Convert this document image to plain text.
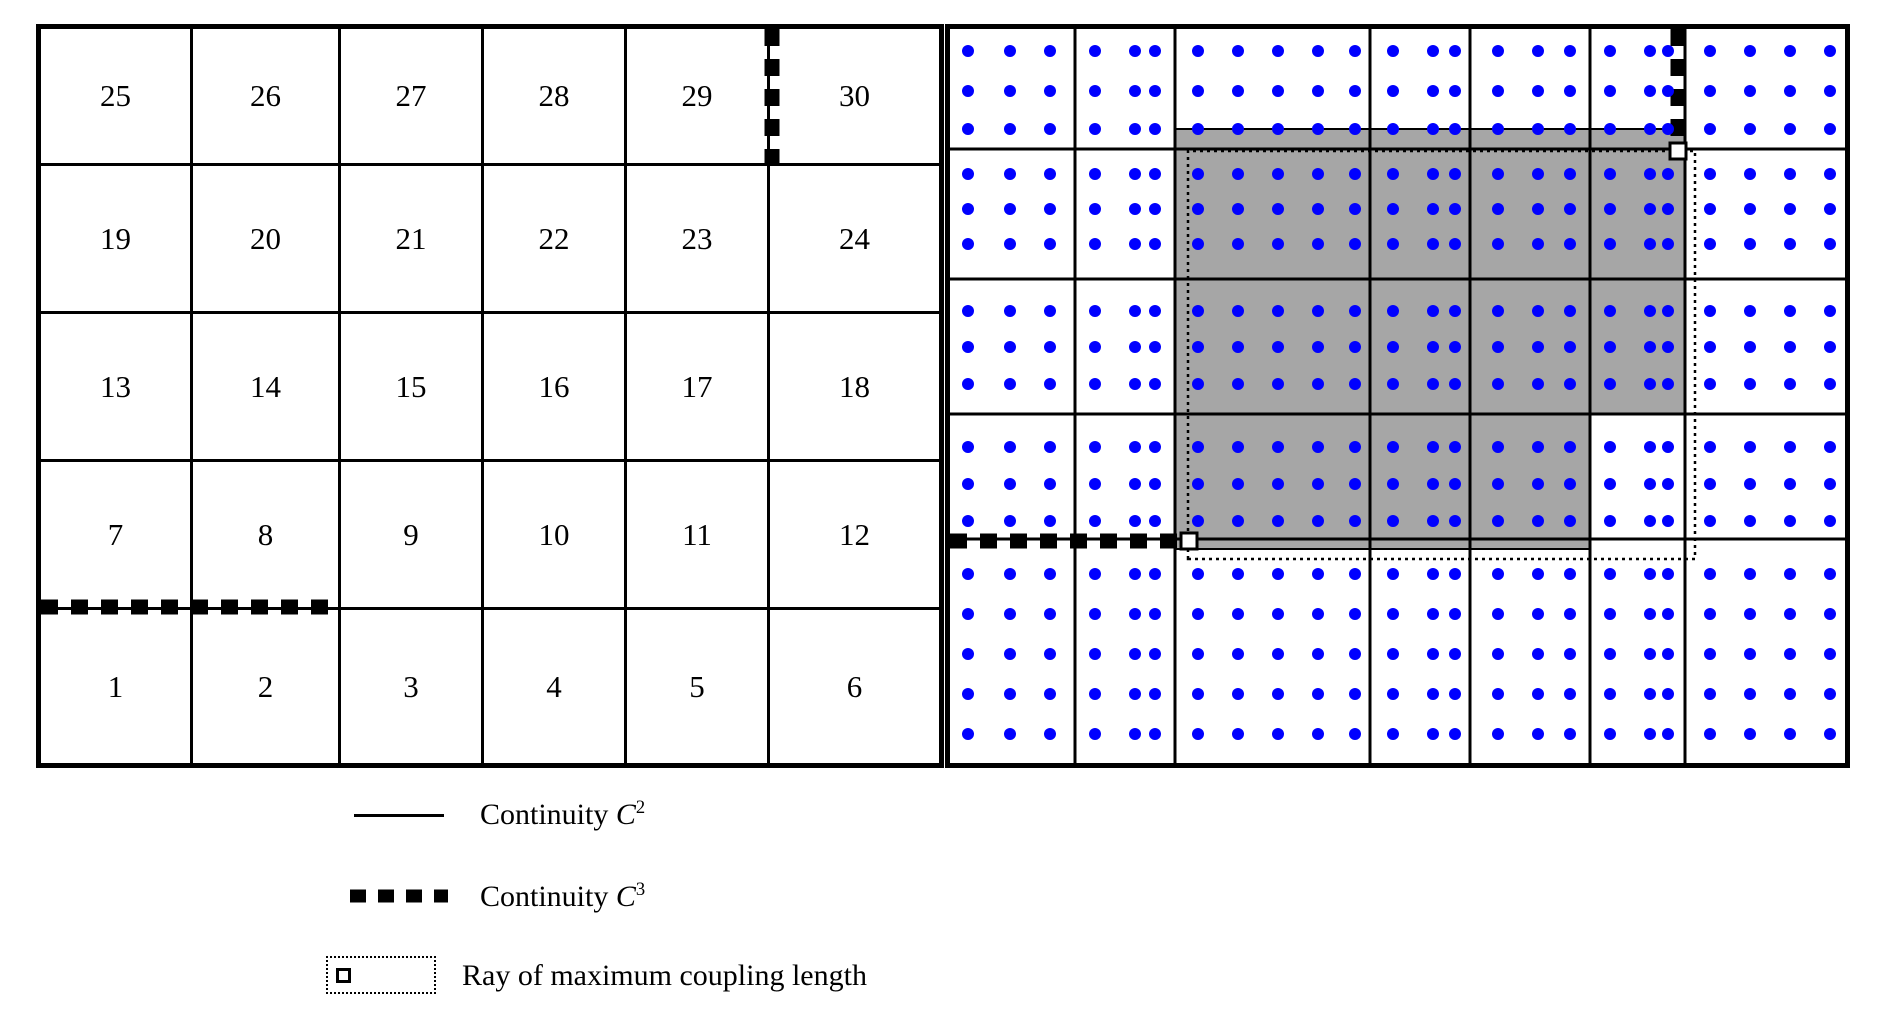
25	26	27	28	29	30
19	20	21	22	23	24
13	14	15	16	17	18
7	8	9	10	11	12
1	2	3	4	5	6
Continuity $C^2$
Continuity $C^3$
Ray of maximum coupling length
